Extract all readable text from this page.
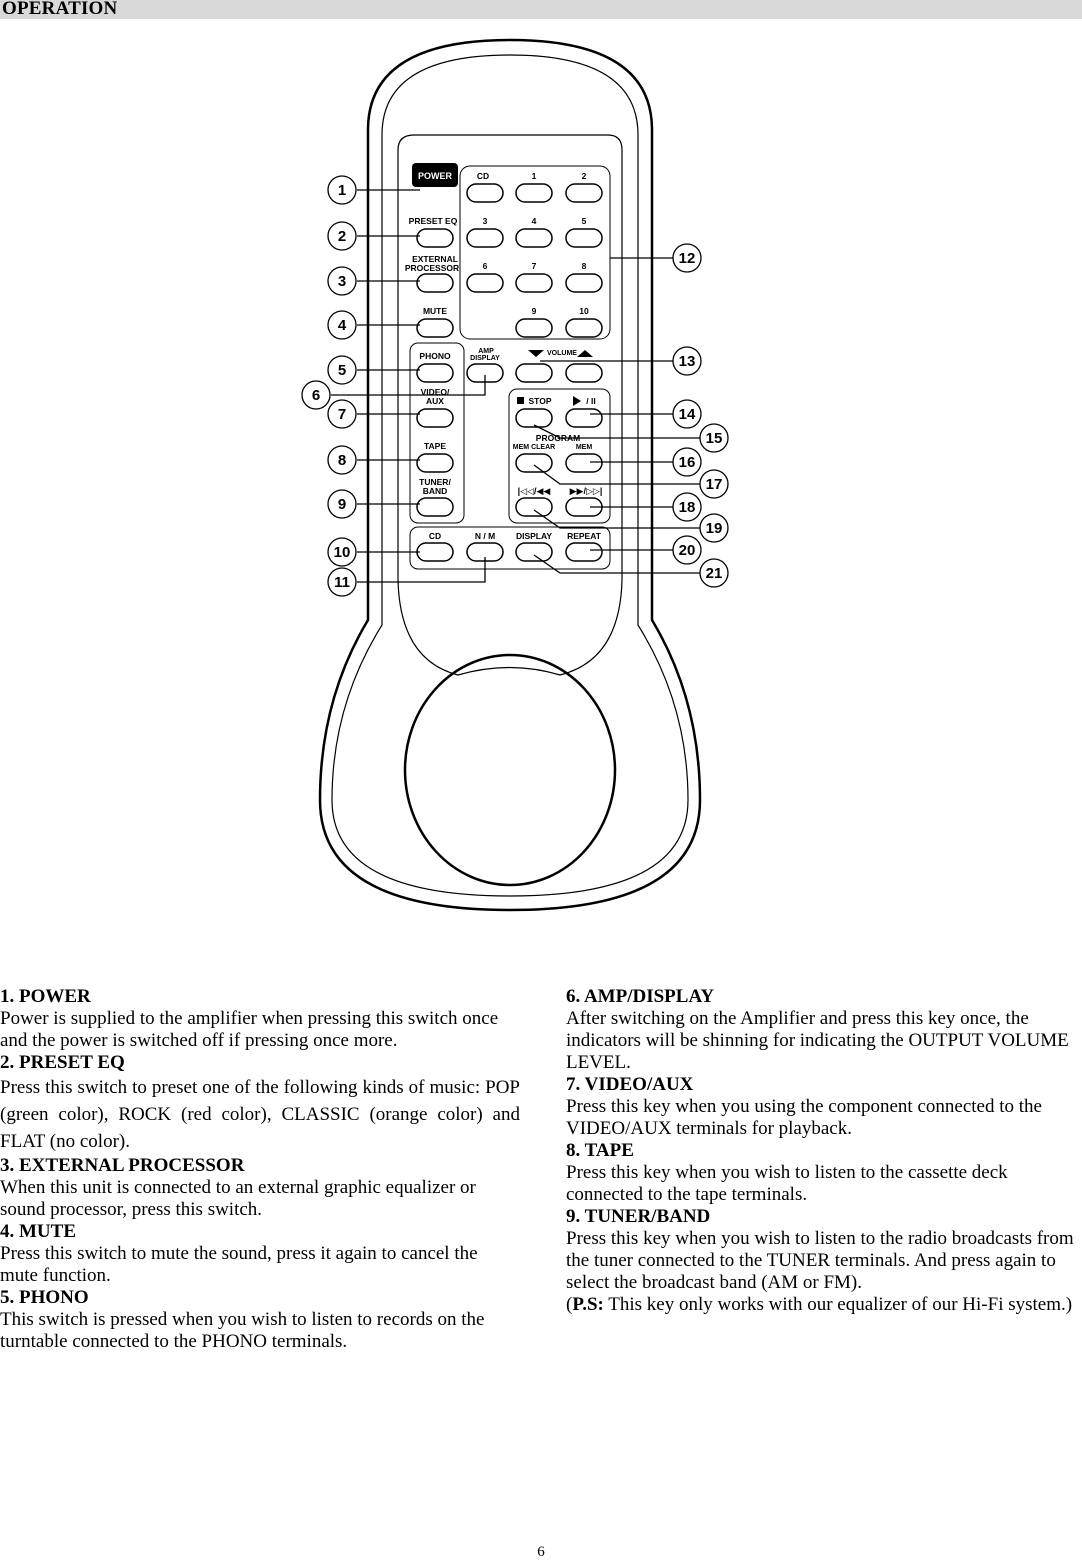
OPERATION
POWER	CD	1	2
3	4	5
6	7	8
9	10
PRESET EQ
EXTERNAL
PROCESSOR
MUTE
PHONO	AMP
DISPLAY
VOLUME
VIDEO/
AUX
TAPE
TUNER/
BAND
STOP	/ II
PROGRAM
MEM CLEAR	MEM
|◁◁/◀◀ ▶▶/▷▷|
CD	N / M DISPLAY REPEAT
1
2
3
4
5
6
7
8
9
10
11
12
13
14
15
16
17
18
19
20
21
1. POWER

Power is supplied to the amplifier when pressing this switch once and the power is switched off if pressing once more.

2. PRESET EQ

Press this switch to preset one of the following kinds of music: POP (green color), ROCK (red color), CLASSIC (orange color) and FLAT (no color).

3. EXTERNAL PROCESSOR

When this unit is connected to an external graphic equalizer or sound processor, press this switch.

4. MUTE

Press this switch to mute the sound, press it again to cancel the mute function.

5. PHONO

This switch is pressed when you wish to listen to records on the turntable connected to the PHONO terminals.

6. AMP/DISPLAY

After switching on the Amplifier and press this key once, the indicators will be shinning for indicating the OUTPUT VOLUME LEVEL.

7. VIDEO/AUX

Press this key when you using the component connected to the VIDEO/AUX terminals for playback.

8. TAPE

Press this key when you wish to listen to the cassette deck connected to the tape terminals.

9. TUNER/BAND

Press this key when you wish to listen to the radio broadcasts from the tuner connected to the TUNER terminals. And press again to select the broadcast band (AM or FM).

(P.S: This key only works with our equalizer of our Hi-Fi system.)

6
